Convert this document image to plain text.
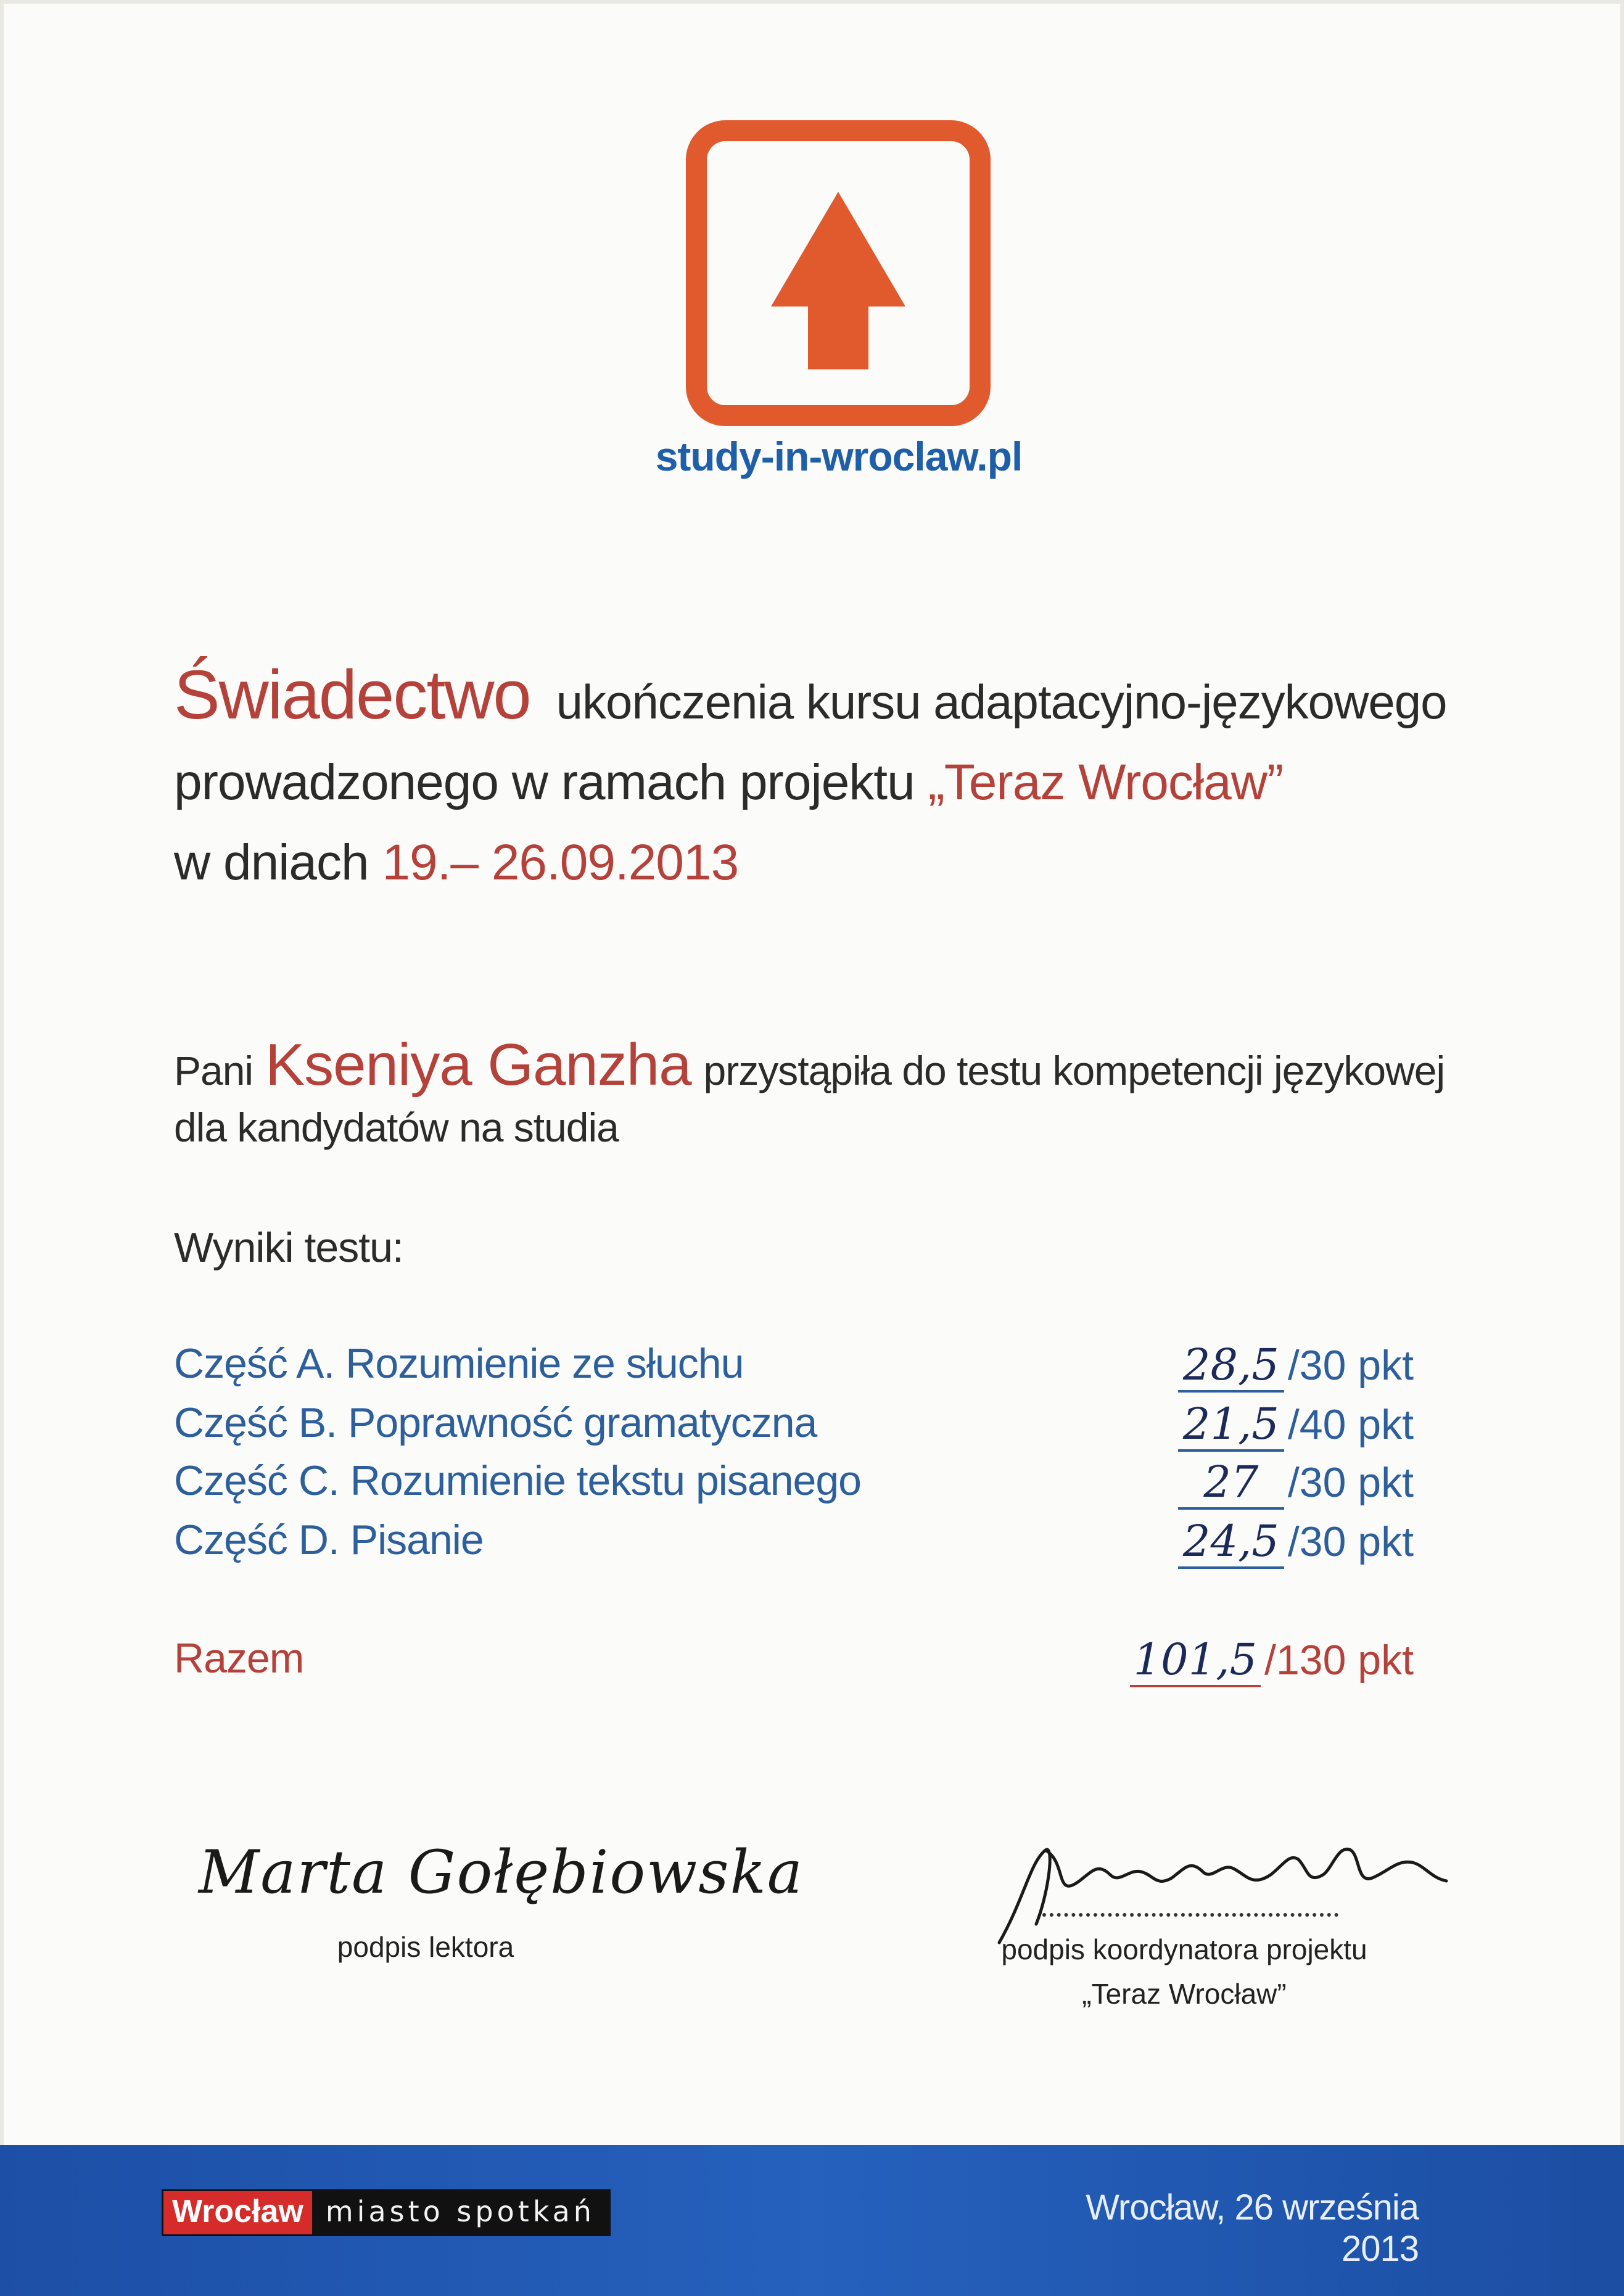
study-in-wroclaw.pl
Świadectwo ukończenia kursu adaptacyjno-językowego
prowadzonego w ramach projektu „Teraz Wrocław”
w dniach 19.– 26.09.2013
Pani Kseniya Ganzha przystąpiła do testu kompetencji językowej
dla kandydatów na studia
Wyniki testu:
Część A. Rozumienie ze słuchu	28,5 /30 pkt
Część B. Poprawność gramatyczna	21,5 /40 pkt
Część C. Rozumienie tekstu pisanego	27 /30 pkt
Część D. Pisanie	24,5 /30 pkt
Razem	101,5 /130 pkt
Marta Gołębiowska
podpis lektora	podpis koordynatora projektu
„Teraz Wrocław”
Wrocław miasto spotkań	Wrocław, 26 września 2013
